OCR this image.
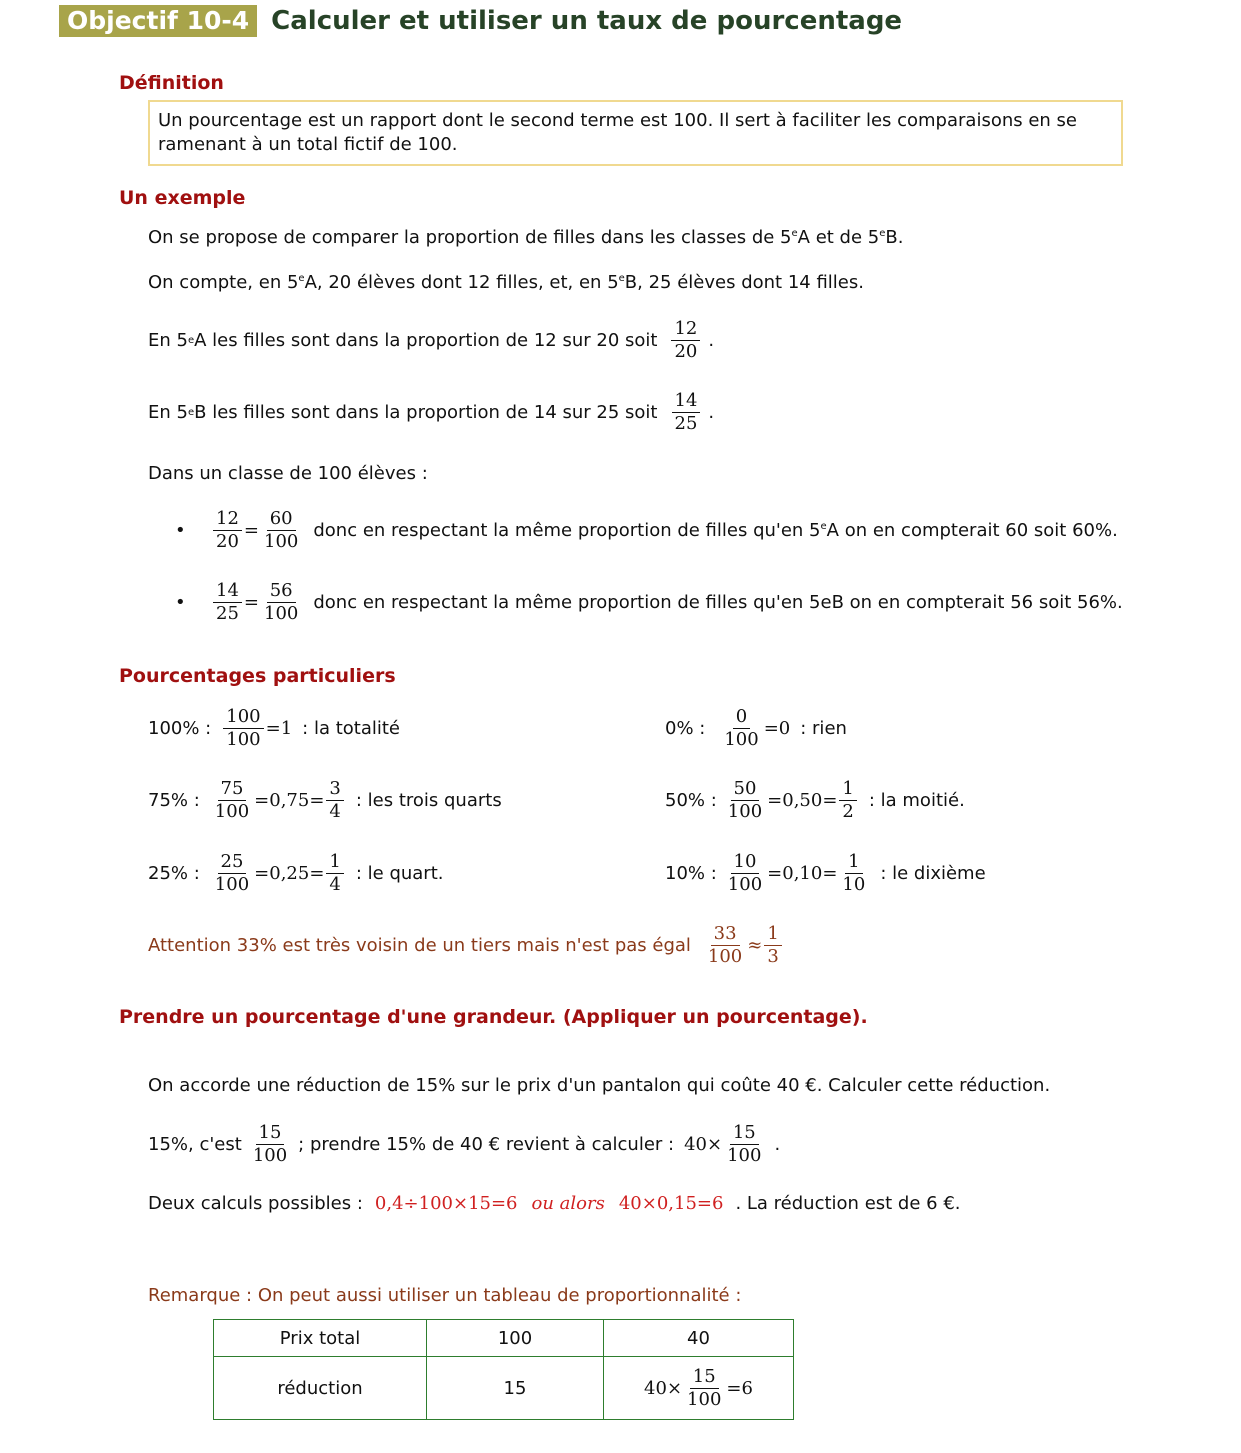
Objectif 10-4 Calculer et utiliser un taux de pourcentage
Définition
Un pourcentage est un rapport dont le second terme est 100. Il sert à faciliter les comparaisons en se ramenant à un total fictif de 100.
Un exemple
On se propose de comparer la proportion de filles dans les classes de 5eA et de 5eB.
On compte, en 5eA, 20 élèves dont 12 filles, et, en 5eB, 25 élèves dont 14 filles.
En 5 e A les filles sont dans la proportion de 12 sur 20 soit $\frac{12}{20}$ .
En 5 e B les filles sont dans la proportion de 14 sur 25 soit $\frac{14}{25}$ .
Dans un classe de 100 élèves :
•	$\frac{12}{20} = \frac{60}{100}$ donc en respectant la même proportion de filles qu'en 5eA on en compterait 60 soit 60%.
•	$\frac{14}{25} = \frac{56}{100}$ donc en respectant la même proportion de filles qu'en 5eB on en compterait 56 soit 56%.
Pourcentages particuliers
100% : $\frac{100}{100} =1$ : la totalité	0% : $\frac{0}{100} =0$ : rien
75% : $\frac{75}{100} =0,75= \frac{3}{4}$ : les trois quarts	50% : $\frac{50}{100} =0,50= \frac{1}{2}$ : la moitié.
25% : $\frac{25}{100} =0,25= \frac{1}{4}$ : le quart.	10% : $\frac{10}{100} =0,10= \frac{1}{10}$ : le dixième
Attention 33% est très voisin de un tiers mais n'est pas égal $\frac{33}{100} \approx \frac{1}{3}$
Prendre un pourcentage d'une grandeur. (Appliquer un pourcentage).
On accorde une réduction de 15% sur le prix d'un pantalon qui coûte 40 €. Calculer cette réduction.
15%, $c'est \frac{15}{100}$ ; prendre 15% de 40 € revient à calculer : $40\times \frac{15}{100}$ .
Deux calculs possibles : 0,4÷100×15=6 ou alors 40×0,15=6 . La réduction est de 6 €.
Remarque : On peut aussi utiliser un tableau de proportionnalité :
Prix total	100	40
réduction	15	$40\times \frac{15}{100} =6$
